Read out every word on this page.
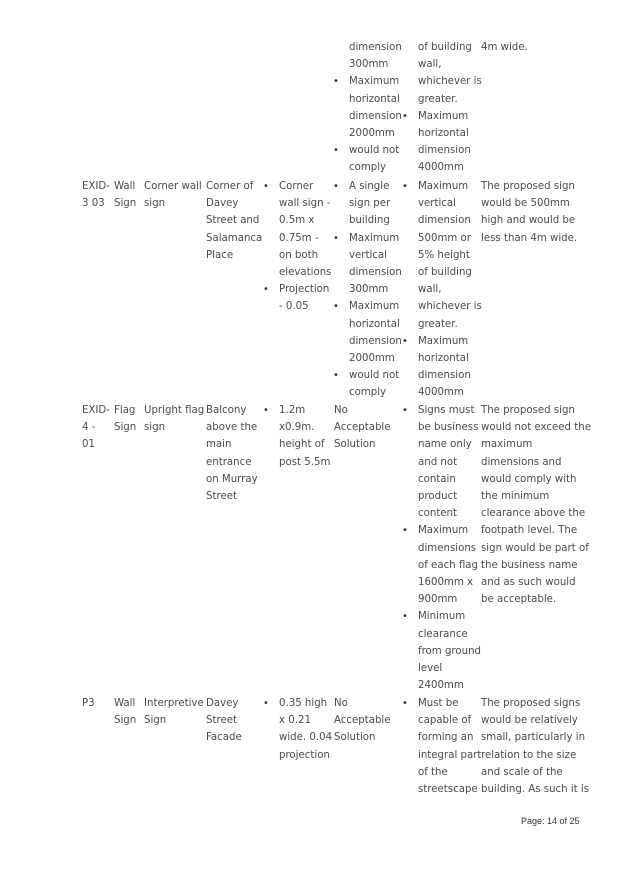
dimension
300mm
• Maximum
horizontal
dimension
2000mm
• would not
comply
of building
wall,
whichever is
greater.
• Maximum
horizontal
dimension
4000mm
4m wide.
EXID-
3 03
Wall
Sign
Corner wall
sign
Corner of
Davey
Street and
Salamanca
Place
• Corner
wall sign -
0.5m x
0.75m -
on both
elevations
• Projection
- 0.05
• A single
sign per
building
• Maximum
vertical
dimension
300mm
• Maximum
horizontal
dimension
2000mm
• would not
comply
• Maximum
vertical
dimension
500mm or
5% height
of building
wall,
whichever is
greater.
• Maximum
horizontal
dimension
4000mm
The proposed sign
would be 500mm
high and would be
less than 4m wide.
EXID-
4 -
01
Flag
Sign
Upright flag
sign
Balcony
above the
main
entrance
on Murray
Street
• 1.2m
x0.9m.
height of
post 5.5m
No
Acceptable
Solution
• Signs must
be business
name only
and not
contain
product
content
• Maximum
dimensions
of each flag
1600mm x
900mm
• Minimum
clearance
from ground
level
2400mm
The proposed sign
would not exceed the
maximum
dimensions and
would comply with
the minimum
clearance above the
footpath level. The
sign would be part of
the business name
and as such would
be acceptable.
P3 Wall
Sign
Interpretive
Sign
Davey
Street
Facade
• 0.35 high
x 0.21
wide. 0.04
projection
No
Acceptable
Solution
• Must be
capable of
forming an
integral part
of the
streetscape
The proposed signs
would be relatively
small, particularly in
relation to the size
and scale of the
building. As such it is
Page: 14 of 25
